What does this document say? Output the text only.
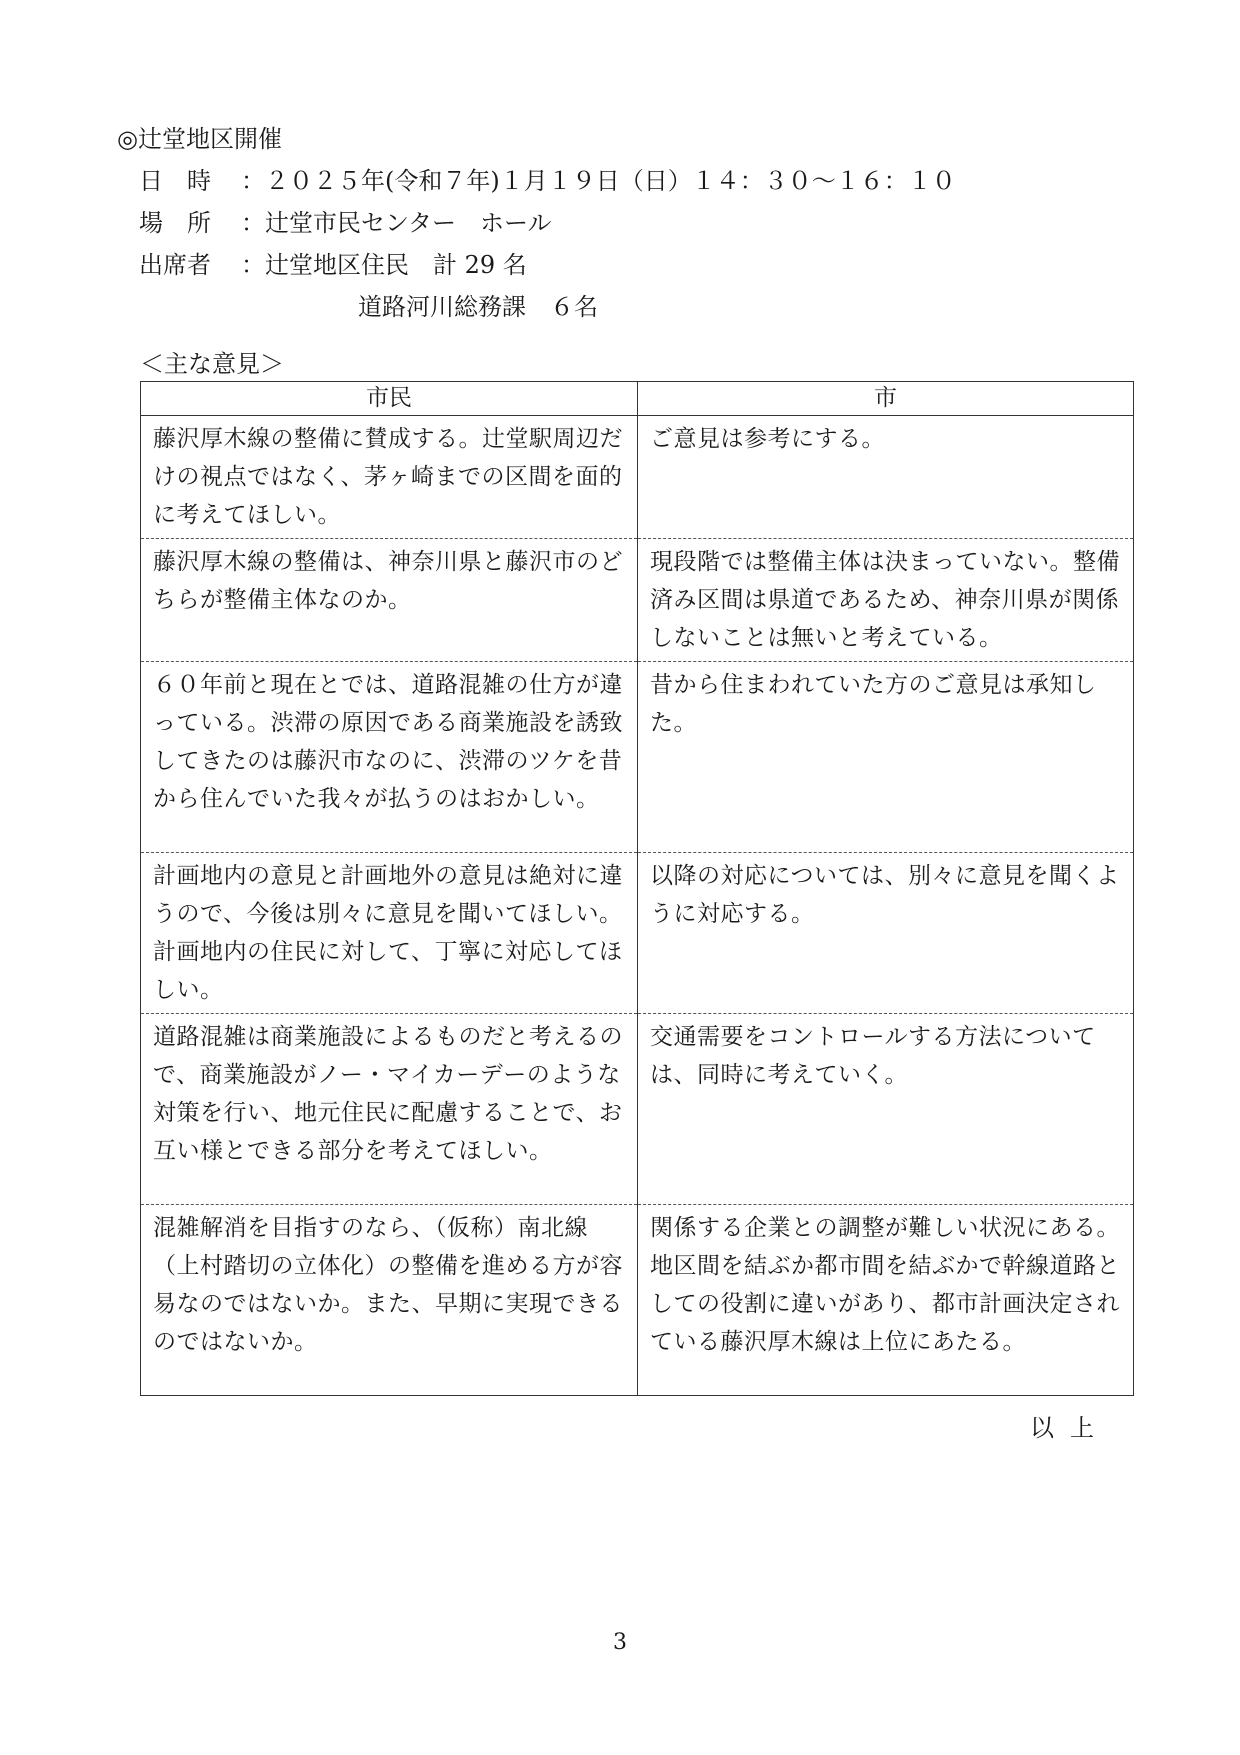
◎辻堂地区開催
日　時	： ２０２５年(令和７年)１月１９日（日）１４：３０〜１６：１０
場　所	： 辻堂市民センター　ホール
出席者	： 辻堂地区住民　計 29 名
道路河川総務課　６名
＜主な意見＞
市民	市
藤沢厚木線の整備に賛成する。辻堂駅周辺だけの視点ではなく、茅ヶ崎までの区間を面的に考えてほしい。	ご意見は参考にする。
藤沢厚木線の整備は、神奈川県と藤沢市のどちらが整備主体なのか。	現段階では整備主体は決まっていない。整備済み区間は県道であるため、神奈川県が関係しないことは無いと考えている。
６０年前と現在とでは、道路混雑の仕方が違っている。渋滞の原因である商業施設を誘致してきたのは藤沢市なのに、渋滞のツケを昔から住んでいた我々が払うのはおかしい。	昔から住まわれていた方のご意見は承知した。
計画地内の意見と計画地外の意見は絶対に違うので、今後は別々に意見を聞いてほしい。計画地内の住民に対して、丁寧に対応してほしい。	以降の対応については、別々に意見を聞くように対応する。
道路混雑は商業施設によるものだと考えるので、商業施設がノー・マイカーデーのような対策を行い、地元住民に配慮することで、お互い様とできる部分を考えてほしい。	交通需要をコントロールする方法については、同時に考えていく。
混雑解消を目指すのなら、（仮称）南北線（上村踏切の立体化）の整備を進める方が容易なのではないか。また、早期に実現できるのではないか。	関係する企業との調整が難しい状況にある。地区間を結ぶか都市間を結ぶかで幹線道路としての役割に違いがあり、都市計画決定されている藤沢厚木線は上位にあたる。
以上
3
